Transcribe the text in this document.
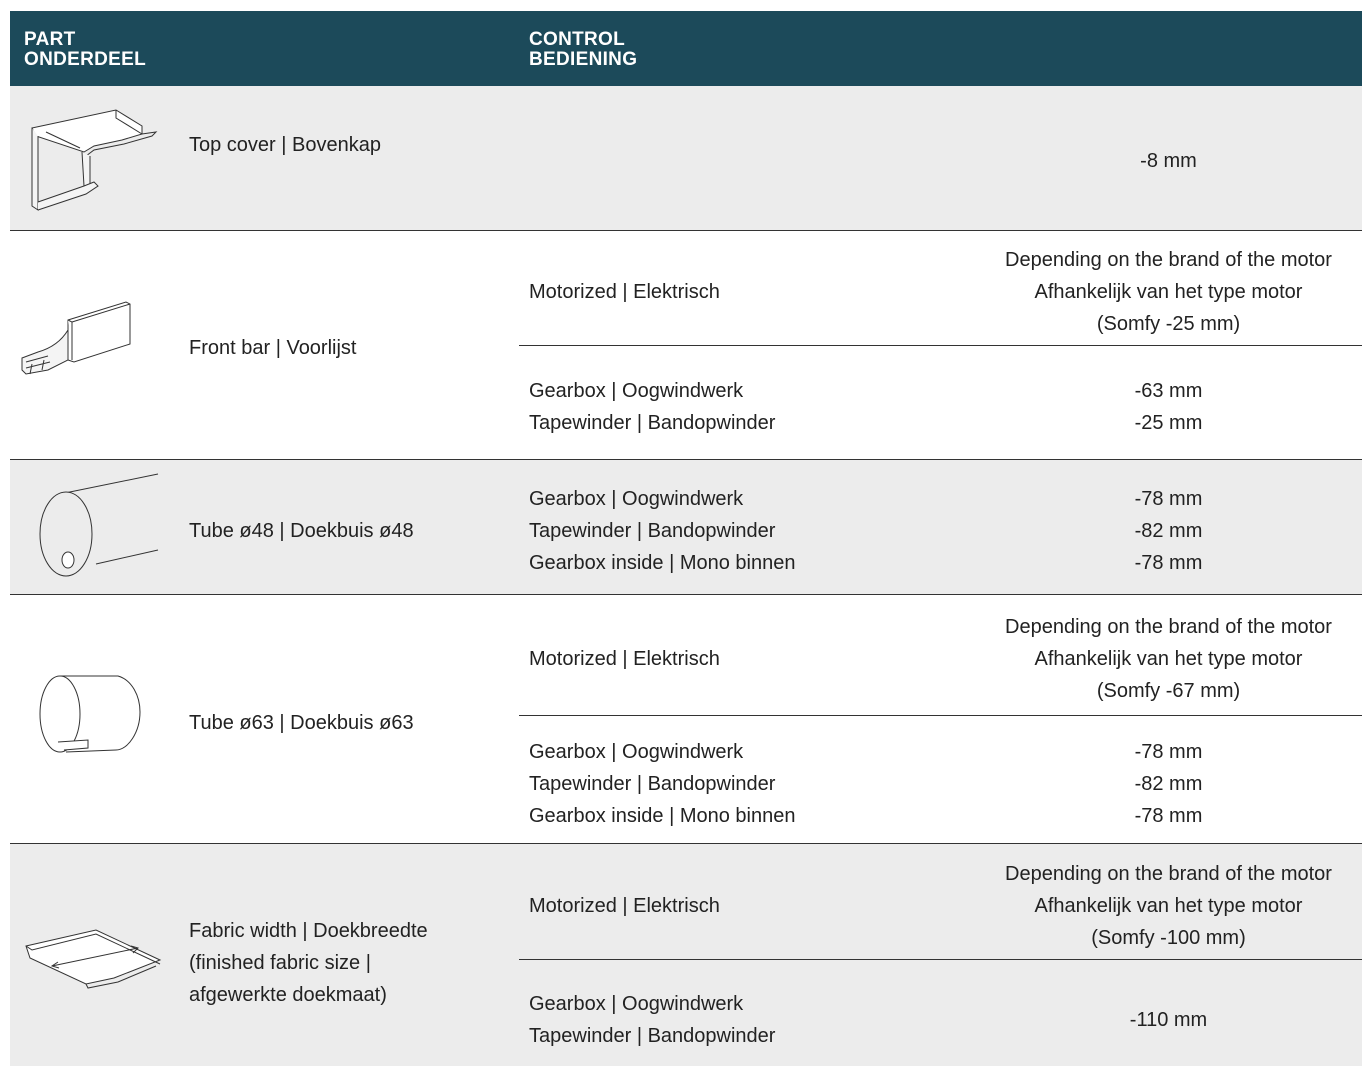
PART
ONDERDEEL
CONTROL
BEDIENING
Top cover | Bovenkap
-8 mm
Front bar | Voorlijst
Motorized | Elektrisch
Depending on the brand of the motor
Afhankelijk van het type motor
(Somfy -25 mm)
Gearbox | Oogwindwerk
Tapewinder | Bandopwinder
-63 mm
-25 mm
Tube ø48 | Doekbuis ø48
Gearbox | Oogwindwerk
Tapewinder | Bandopwinder
Gearbox inside | Mono binnen
-78 mm
-82 mm
-78 mm
Tube ø63 | Doekbuis ø63
Motorized | Elektrisch
Depending on the brand of the motor
Afhankelijk van het type motor
(Somfy -67 mm)
Gearbox | Oogwindwerk
Tapewinder | Bandopwinder
Gearbox inside | Mono binnen
-78 mm
-82 mm
-78 mm
Fabric width | Doekbreedte
(finished fabric size |
afgewerkte doekmaat)
Motorized | Elektrisch
Depending on the brand of the motor
Afhankelijk van het type motor
(Somfy -100 mm)
Gearbox | Oogwindwerk
Tapewinder | Bandopwinder
-110 mm
